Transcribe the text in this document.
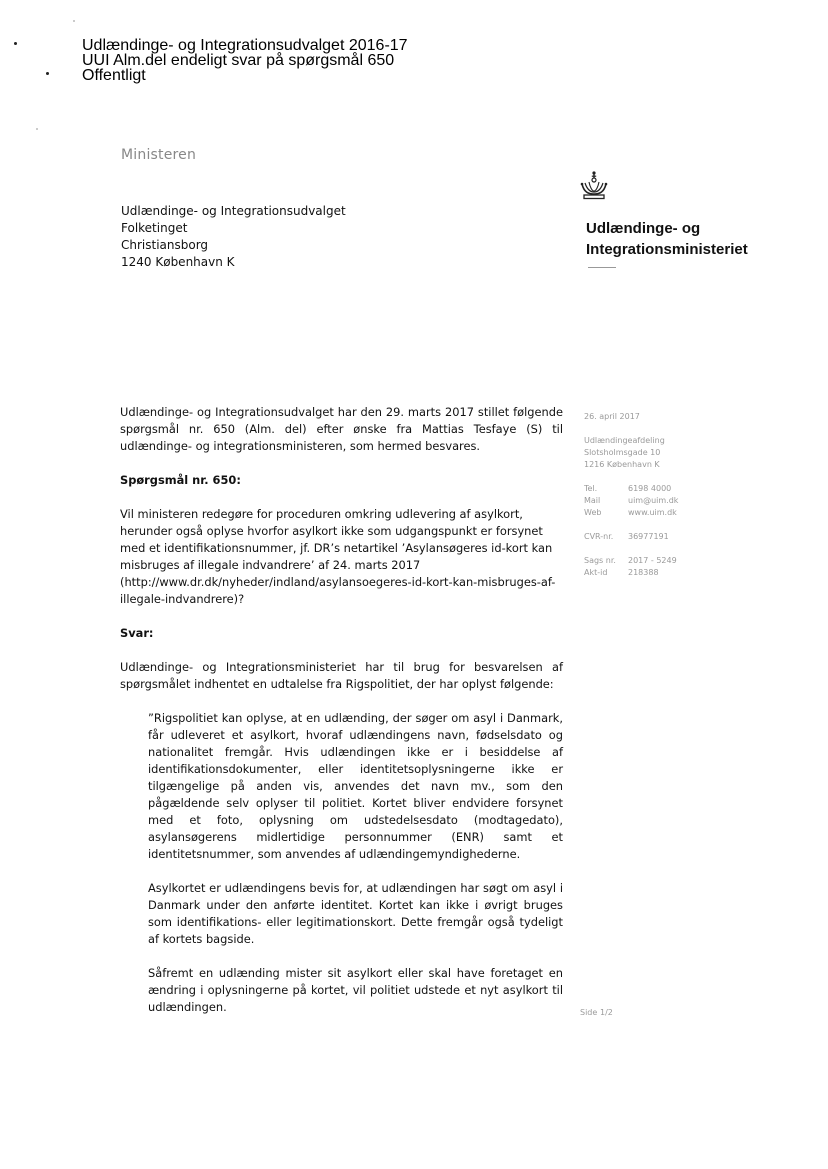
Udlændinge- og Integrationsudvalget 2016-17
UUI Alm.del endeligt svar på spørgsmål 650
Offentligt
Ministeren
Udlændinge- og Integrationsudvalget
Folketinget
Christiansborg
1240 København K
Udlændinge- og
Integrationsministeriet

Udlændinge- og Integrationsudvalget har den 29. marts 2017 stillet følgende spørgsmål nr. 650 (Alm. del) efter ønske fra Mattias Tesfaye (S) til udlændinge- og integrationsministeren, som hermed besvares.

Spørgsmål nr. 650:

Vil ministeren redegøre for proceduren omkring udlevering af asylkort, herunder også oplyse hvorfor asylkort ikke som udgangspunkt er forsynet med et identifikationsnummer, jf. DR’s netartikel ’Asylansøgeres id-kort kan misbruges af illegale indvandrere’ af 24. marts 2017 (http://www.dr.dk/nyheder/indland/asylansoegeres-id-kort-kan-misbruges-af-illegale-indvandrere)?

Svar:

Udlændinge- og Integrationsministeriet har til brug for besvarelsen af spørgsmålet indhentet en udtalelse fra Rigspolitiet, der har oplyst følgende:

”Rigspolitiet kan oplyse, at en udlænding, der søger om asyl i Danmark, får udleveret et asylkort, hvoraf udlændingens navn, fødselsdato og nationalitet fremgår. Hvis udlændingen ikke er i besiddelse af identifikationsdokumenter, eller identitetsoplysningerne ikke er tilgængelige på anden vis, anvendes det navn mv., som den pågældende selv oplyser til politiet. Kortet bliver endvidere forsynet med et foto, oplysning om udstedelsesdato (modtagedato), asylansøgerens midlertidige personnummer (ENR) samt et identitetsnummer, som anvendes af udlændingemyndighederne.

Asylkortet er udlændingens bevis for, at udlændingen har søgt om asyl i Danmark under den anførte identitet. Kortet kan ikke i øvrigt bruges som identifikations- eller legitimationskort. Dette fremgår også tydeligt af kortets bagside.

Såfremt en udlænding mister sit asylkort eller skal have foretaget en ændring i oplysningerne på kortet, vil politiet udstede et nyt asylkort til udlændingen.

26. april 2017
Udlændingeafdeling
Slotsholmsgade 10
1216 København K
Tel.	6198 4000
Mail	uim@uim.dk
Web	www.uim.dk
CVR-nr. 36977191
Sags nr. 2017 - 5249
Akt-id	218388
Side 1/2
